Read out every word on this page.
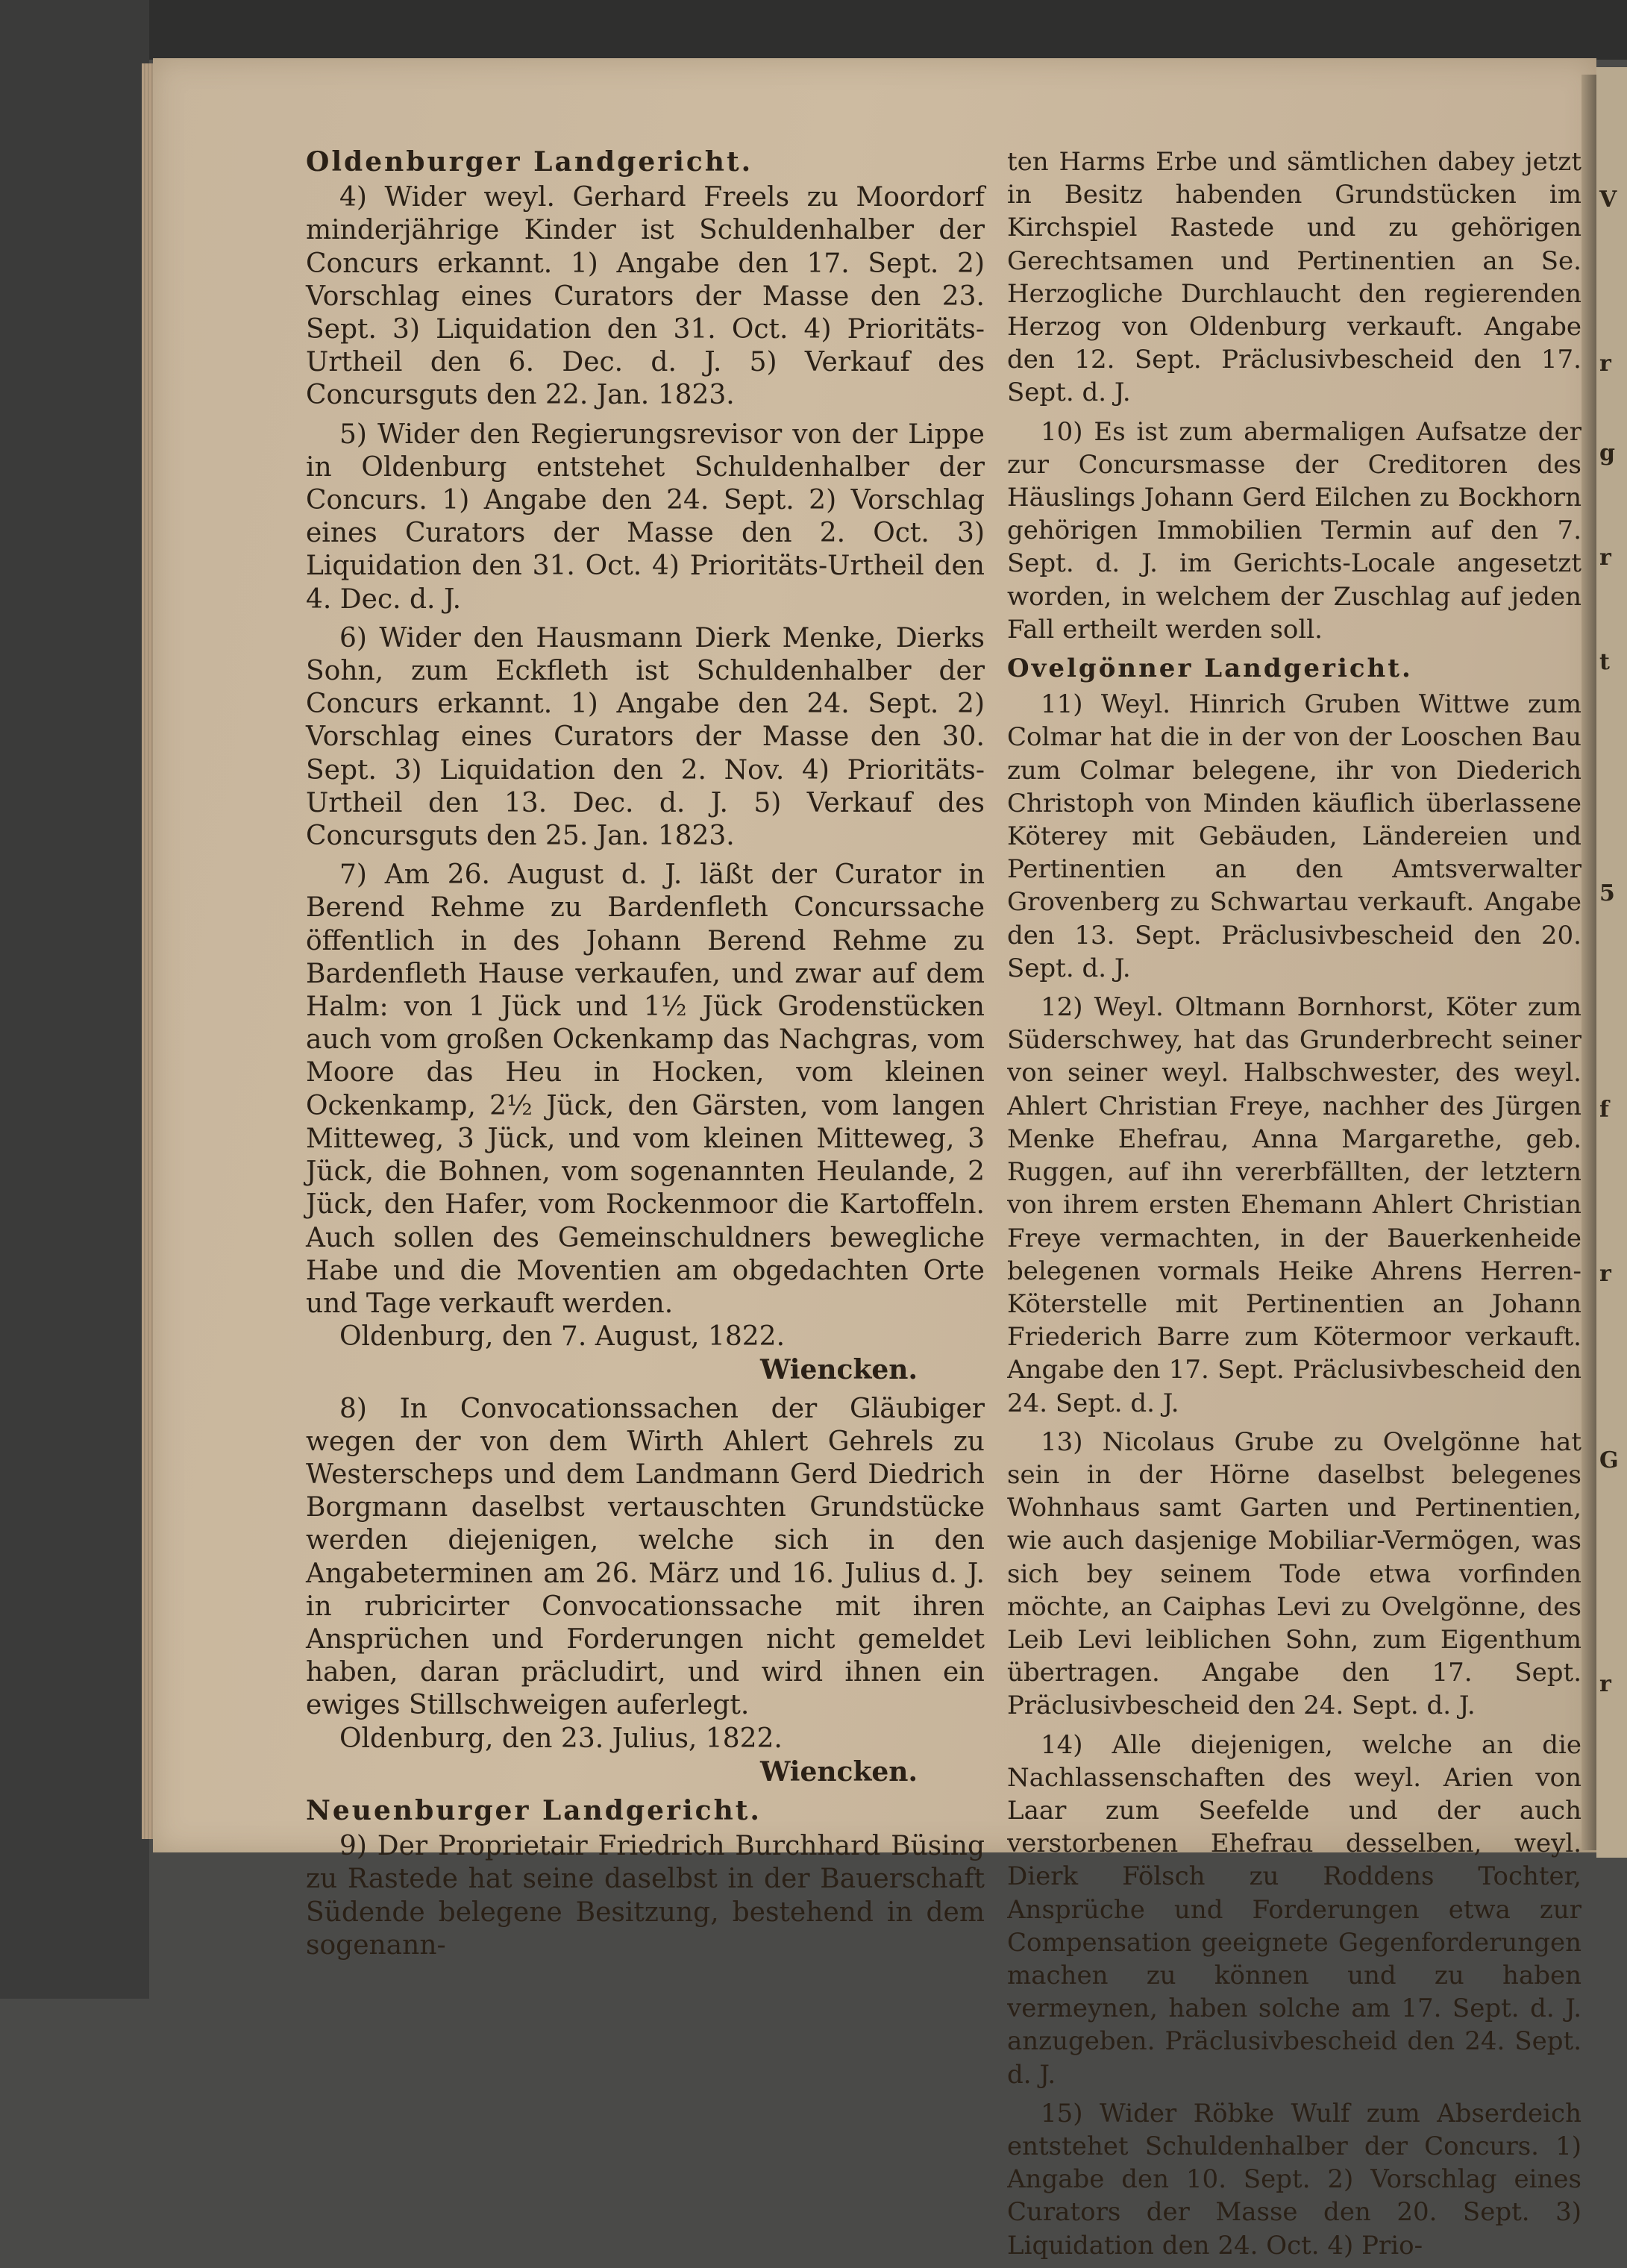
V
r
g
r
t
5
f
r
G
r
Oldenburger Landgericht.

4) Wider weyl. Gerhard Freels zu Moordorf minderjährige Kinder ist Schuldenhalber der Concurs erkannt. 1) Angabe den 17. Sept. 2) Vorschlag eines Curators der Masse den 23. Sept. 3) Liquidation den 31. Oct. 4) Prioritäts-Urtheil den 6. Dec. d. J. 5) Verkauf des Concursguts den 22. Jan. 1823.

5) Wider den Regierungsrevisor von der Lippe in Oldenburg entstehet Schuldenhalber der Concurs. 1) Angabe den 24. Sept. 2) Vorschlag eines Curators der Masse den 2. Oct. 3) Liquidation den 31. Oct. 4) Prioritäts-Urtheil den 4. Dec. d. J.

6) Wider den Hausmann Dierk Menke, Dierks Sohn, zum Eckfleth ist Schuldenhalber der Concurs erkannt. 1) Angabe den 24. Sept. 2) Vorschlag eines Curators der Masse den 30. Sept. 3) Liquidation den 2. Nov. 4) Prioritäts-Urtheil den 13. Dec. d. J. 5) Verkauf des Concursguts den 25. Jan. 1823.

7) Am 26. August d. J. läßt der Curator in Berend Rehme zu Bardenfleth Concurssache öffentlich in des Johann Berend Rehme zu Bardenfleth Hause verkaufen, und zwar auf dem Halm: von 1 Jück und 1½ Jück Grodenstücken auch vom großen Ockenkamp das Nachgras, vom Moore das Heu in Hocken, vom kleinen Ockenkamp, 2½ Jück, den Gärsten, vom langen Mitteweg, 3 Jück, und vom kleinen Mitteweg, 3 Jück, die Bohnen, vom sogenannten Heulande, 2 Jück, den Hafer, vom Rockenmoor die Kartoffeln. Auch sollen des Gemeinschuldners bewegliche Habe und die Moventien am obgedachten Orte und Tage verkauft werden.

Oldenburg, den 7. August, 1822.

Wiencken.

8) In Convocationssachen der Gläubiger wegen der von dem Wirth Ahlert Gehrels zu Westerscheps und dem Landmann Gerd Diedrich Borgmann daselbst vertauschten Grundstücke werden diejenigen, welche sich in den Angabeterminen am 26. März und 16. Julius d. J. in rubricirter Convocationssache mit ihren Ansprüchen und Forderungen nicht gemeldet haben, daran präcludirt, und wird ihnen ein ewiges Stillschweigen auferlegt.

Oldenburg, den 23. Julius, 1822.

Wiencken.

Neuenburger Landgericht.

9) Der Proprietair Friedrich Burchhard Büsing zu Rastede hat seine daselbst in der Bauerschaft Südende belegene Besitzung, bestehend in dem sogenann-

ten Harms Erbe und sämtlichen dabey jetzt in Besitz habenden Grundstücken im Kirchspiel Rastede und zu gehörigen Gerechtsamen und Pertinentien an Se. Herzogliche Durchlaucht den regierenden Herzog von Oldenburg verkauft. Angabe den 12. Sept. Präclusivbescheid den 17. Sept. d. J.

10) Es ist zum abermaligen Aufsatze der zur Concursmasse der Creditoren des Häuslings Johann Gerd Eilchen zu Bockhorn gehörigen Immobilien Termin auf den 7. Sept. d. J. im Gerichts-Locale angesetzt worden, in welchem der Zuschlag auf jeden Fall ertheilt werden soll.

Ovelgönner Landgericht.

11) Weyl. Hinrich Gruben Wittwe zum Colmar hat die in der von der Looschen Bau zum Colmar belegene, ihr von Diederich Christoph von Minden käuflich überlassene Köterey mit Gebäuden, Ländereien und Pertinentien an den Amtsverwalter Grovenberg zu Schwartau verkauft. Angabe den 13. Sept. Präclusivbescheid den 20. Sept. d. J.

12) Weyl. Oltmann Bornhorst, Köter zum Süderschwey, hat das Grunderbrecht seiner von seiner weyl. Halbschwester, des weyl. Ahlert Christian Freye, nachher des Jürgen Menke Ehefrau, Anna Margarethe, geb. Ruggen, auf ihn vererbfällten, der letztern von ihrem ersten Ehemann Ahlert Christian Freye vermachten, in der Bauerkenheide belegenen vormals Heike Ahrens Herren-Köterstelle mit Pertinentien an Johann Friederich Barre zum Kötermoor verkauft. Angabe den 17. Sept. Präclusivbescheid den 24. Sept. d. J.

13) Nicolaus Grube zu Ovelgönne hat sein in der Hörne daselbst belegenes Wohnhaus samt Garten und Pertinentien, wie auch dasjenige Mobiliar-Vermögen, was sich bey seinem Tode etwa vorfinden möchte, an Caiphas Levi zu Ovelgönne, des Leib Levi leiblichen Sohn, zum Eigenthum übertragen. Angabe den 17. Sept. Präclusivbescheid den 24. Sept. d. J.

14) Alle diejenigen, welche an die Nachlassenschaften des weyl. Arien von Laar zum Seefelde und der auch verstorbenen Ehefrau desselben, weyl. Dierk Fölsch zu Roddens Tochter, Ansprüche und Forderungen etwa zur Compensation geeignete Gegenforderungen machen zu können und zu haben vermeynen, haben solche am 17. Sept. d. J. anzugeben. Präclusivbescheid den 24. Sept. d. J.

15) Wider Röbke Wulf zum Abserdeich entstehet Schuldenhalber der Concurs. 1) Angabe den 10. Sept. 2) Vorschlag eines Curators der Masse den 20. Sept. 3) Liquidation den 24. Oct. 4) Prio-
